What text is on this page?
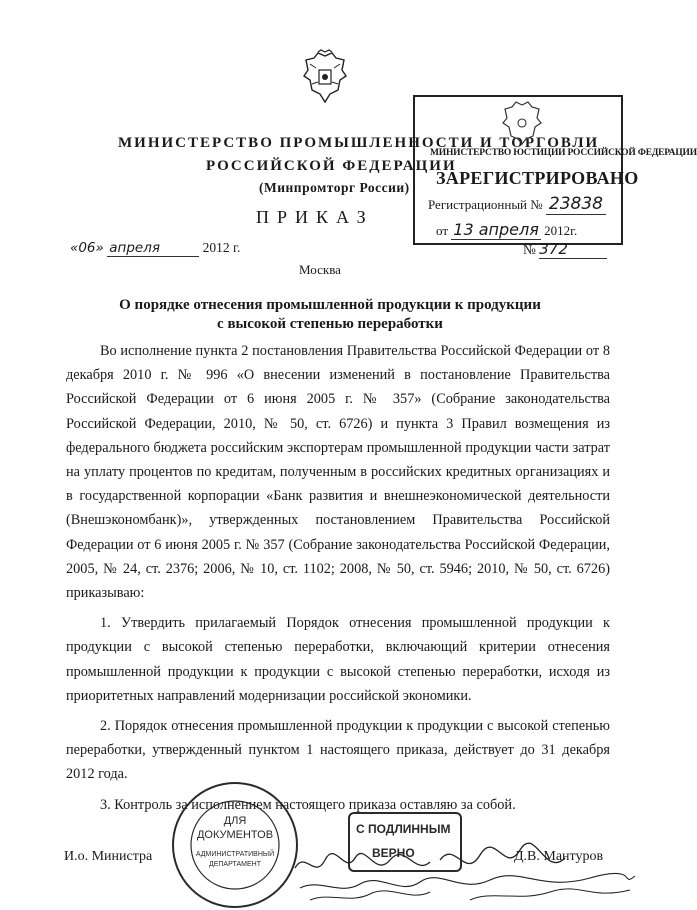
МИНИСТЕРСТВО ПРОМЫШЛЕННОСТИ И ТОРГОВЛИ
РОССИЙСКОЙ ФЕДЕРАЦИИ
(Минпромторг России)
ПРИКАЗ
МИНИСТЕРСТВО ЮСТИЦИИ РОССИЙСКОЙ ФЕДЕРАЦИИ
ЗАРЕГИСТРИРОВАНО
Регистрационный № 23838
от 13 апреля 2012г.
«06» апреля	2012 г.	№ 372
Москва
О порядке отнесения промышленной продукции к продукции
с высокой степенью переработки

Во исполнение пункта 2 постановления Правительства Российской Федерации от 8 декабря 2010 г. № 996 «О внесении изменений в постановление Правительства Российской Федерации от 6 июня 2005 г. № 357» (Собрание законодательства Российской Федерации, 2010, № 50, ст. 6726) и пункта 3 Правил возмещения из федерального бюджета российским экспортерам промышленной продукции части затрат на уплату процентов по кредитам, полученным в российских кредитных организациях и в государственной корпорации «Банк развития и внешнеэкономической деятельности (Внешэкономбанк)», утвержденных постановлением Правительства Российской Федерации от 6 июня 2005 г. № 357 (Собрание законодательства Российской Федерации, 2005, № 24, ст. 2376; 2006, № 10, ст. 1102; 2008, № 50, ст. 5946; 2010, № 50, ст. 6726) приказываю:

1. Утвердить прилагаемый Порядок отнесения промышленной продукции к продукции с высокой степенью переработки, включающий критерии отнесения промышленной продукции к продукции с высокой степенью переработки, исходя из приоритетных направлений модернизации российской экономики.

2. Порядок отнесения промышленной продукции к продукции с высокой степенью переработки, утвержденный пунктом 1 настоящего приказа, действует до 31 декабря 2012 года.

3. Контроль за исполнением настоящего приказа оставляю за собой.

ДЛЯ
ДОКУМЕНТОВ
АДМИНИСТРАТИВНЫЙ
ДЕПАРТАМЕНТ
С ПОДЛИННЫМ
ВЕРНО
И.о. Министра	Д.В. Мантуров
